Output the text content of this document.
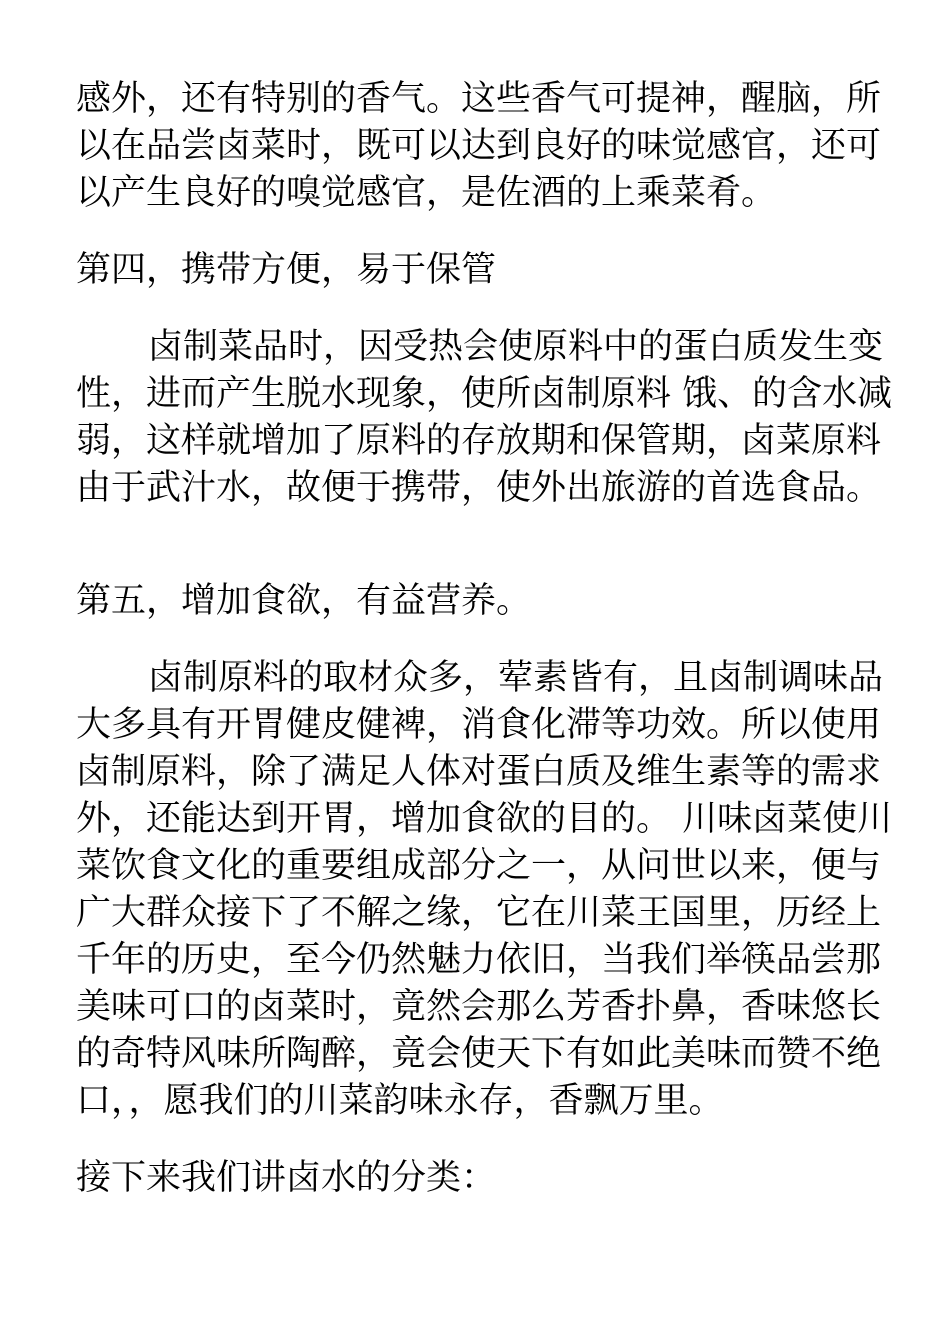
感外，还有特别的香气。这些香气可提神，醒脑，所
以在品尝卤菜时，既可以达到良好的味觉感官，还可
以产生良好的嗅觉感官，是佐酒的上乘菜肴。
第四，携带方便，易于保管
卤制菜品时，因受热会使原料中的蛋白质发生变
性，进而产生脱水现象，使所卤制原料 饿、的含水减
弱，这样就增加了原料的存放期和保管期，卤菜原料
由于武汁水，故便于携带，使外出旅游的首选食品。
第五，增加食欲，有益营养。
卤制原料的取材众多，荤素皆有，且卤制调味品
大多具有开胃健皮健裨，消食化滞等功效。所以使用
卤制原料，除了满足人体对蛋白质及维生素等的需求
外，还能达到开胃，增加食欲的目的。 川味卤菜使川
菜饮食文化的重要组成部分之一，从问世以来，便与
广大群众接下了不解之缘，它在川菜王国里，历经上
千年的历史，至今仍然魅力依旧，当我们举筷品尝那
美味可口的卤菜时，竟然会那么芳香扑鼻，香味悠长
的奇特风味所陶醉，竟会使天下有如此美味而赞不绝
口，，愿我们的川菜韵味永存，香飘万里。
接下来我们讲卤水的分类：
